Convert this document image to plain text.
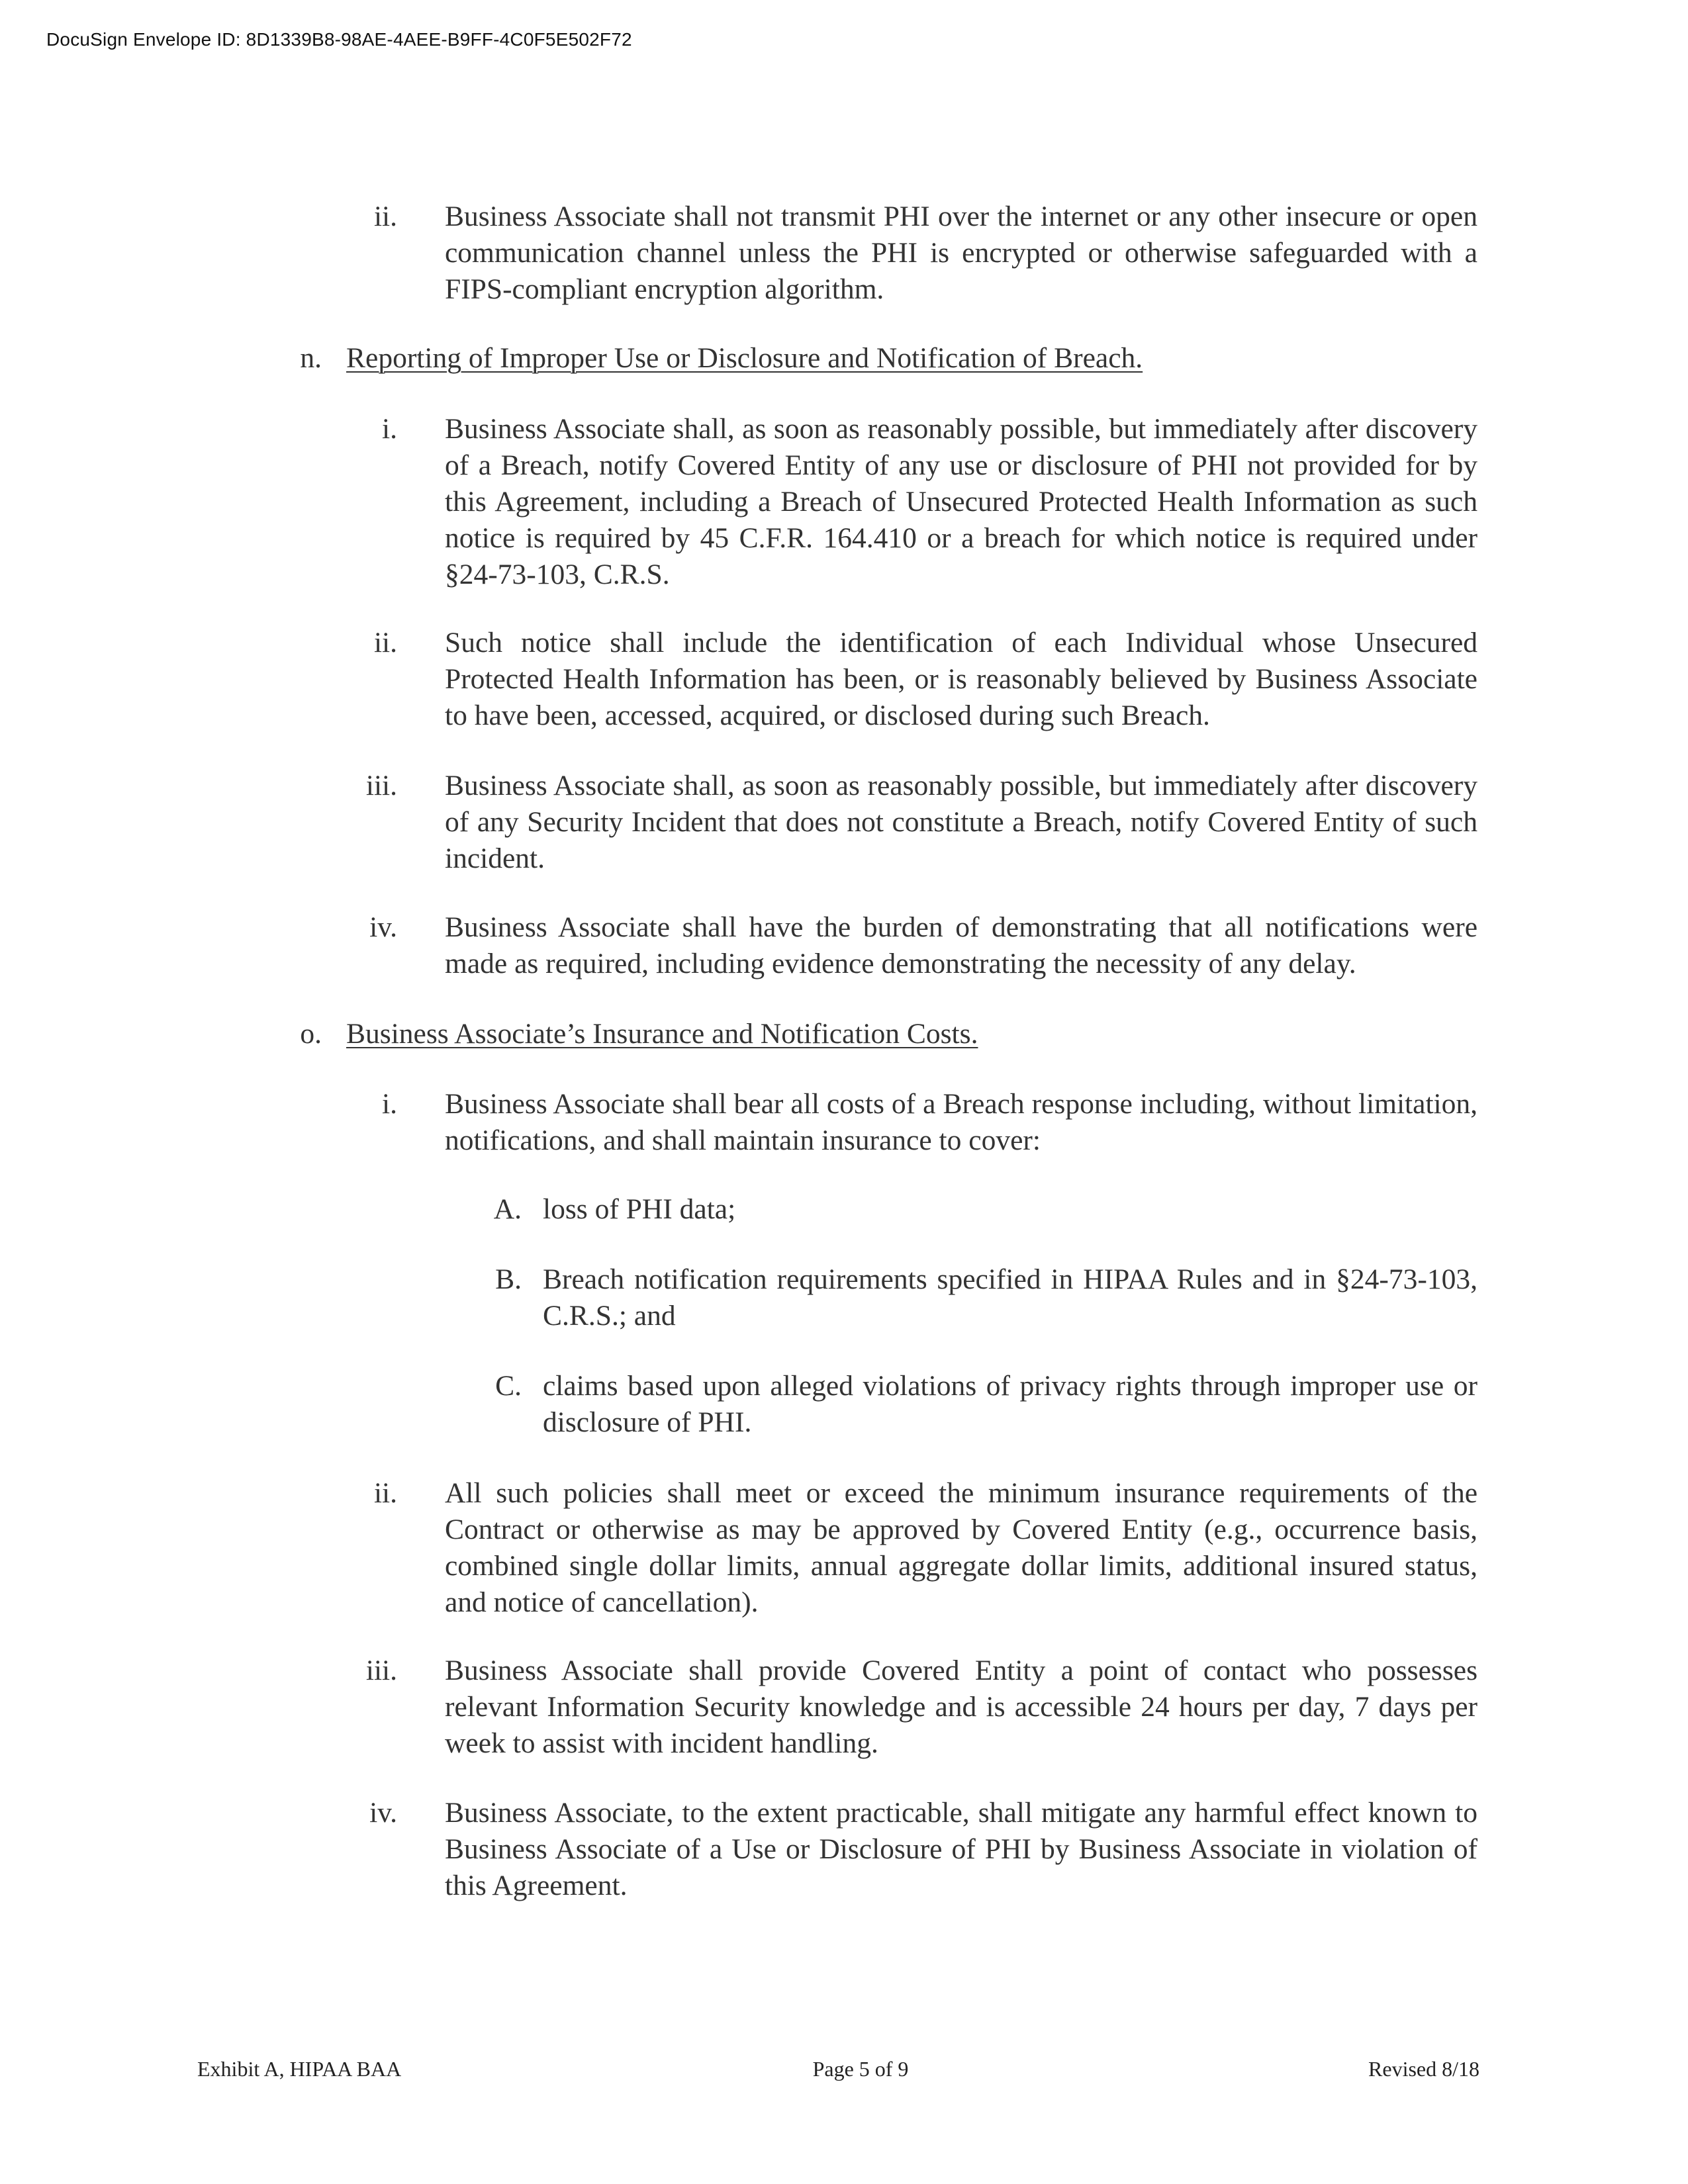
DocuSign Envelope ID: 8D1339B8-98AE-4AEE-B9FF-4C0F5E502F72
ii. Business Associate shall not transmit PHI over the internet or any other insecure or open communication channel unless the PHI is encrypted or otherwise safeguarded with a FIPS-compliant encryption algorithm.
n. Reporting of Improper Use or Disclosure and Notification of Breach.
i. Business Associate shall, as soon as reasonably possible, but immediately after discovery of a Breach, notify Covered Entity of any use or disclosure of PHI not provided for by this Agreement, including a Breach of Unsecured Protected Health Information as such notice is required by 45 C.F.R. 164.410 or a breach for which notice is required under §24-73-103, C.R.S.
ii. Such notice shall include the identification of each Individual whose Unsecured Protected Health Information has been, or is reasonably believed by Business Associate to have been, accessed, acquired, or disclosed during such Breach.
iii. Business Associate shall, as soon as reasonably possible, but immediately after discovery of any Security Incident that does not constitute a Breach, notify Covered Entity of such incident.
iv. Business Associate shall have the burden of demonstrating that all notifications were made as required, including evidence demonstrating the necessity of any delay.
o. Business Associate’s Insurance and Notification Costs.
i. Business Associate shall bear all costs of a Breach response including, without limitation, notifications, and shall maintain insurance to cover:
A. loss of PHI data;
B. Breach notification requirements specified in HIPAA Rules and in §24-73-103, C.R.S.; and
C. claims based upon alleged violations of privacy rights through improper use or disclosure of PHI.
ii. All such policies shall meet or exceed the minimum insurance requirements of the Contract or otherwise as may be approved by Covered Entity (e.g., occurrence basis, combined single dollar limits, annual aggregate dollar limits, additional insured status, and notice of cancellation).
iii. Business Associate shall provide Covered Entity a point of contact who possesses relevant Information Security knowledge and is accessible 24 hours per day, 7 days per week to assist with incident handling.
iv. Business Associate, to the extent practicable, shall mitigate any harmful effect known to Business Associate of a Use or Disclosure of PHI by Business Associate in violation of this Agreement.
Exhibit A, HIPAA BAA	Page 5 of 9	Revised 8/18
